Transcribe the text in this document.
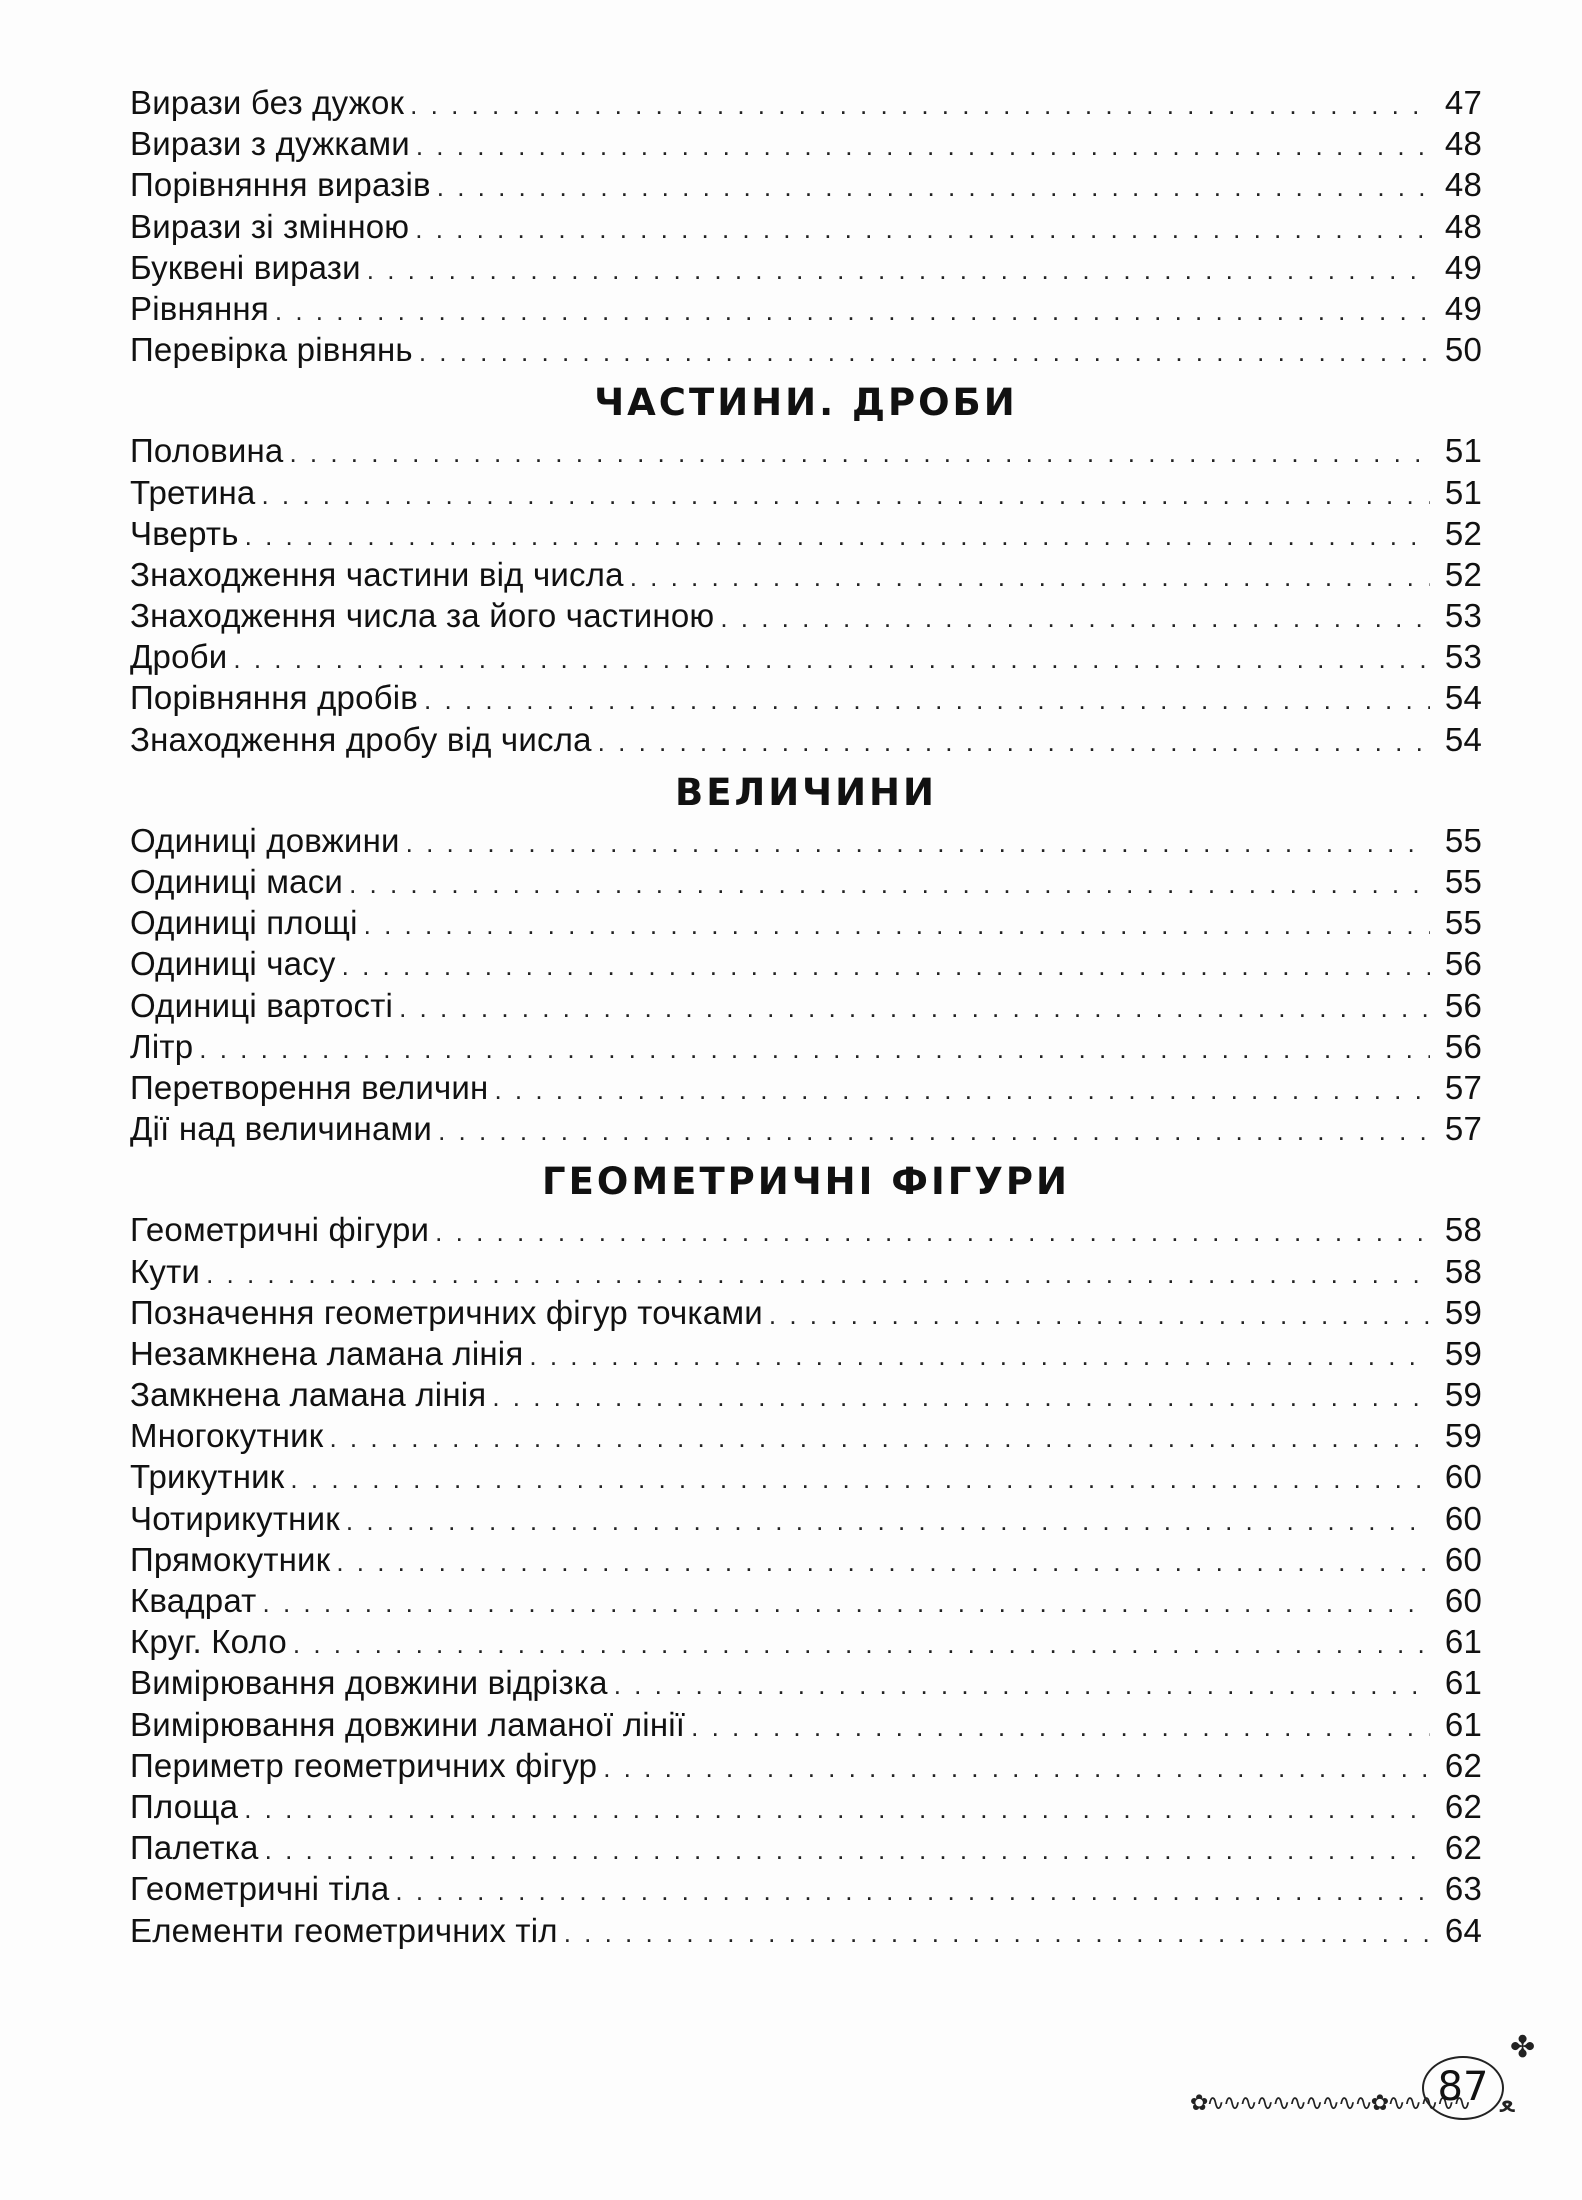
Вирази без дужок . . .	47
Вирази з дужками . . .	48
Порівняння виразів . . .	48
Вирази зі змінною . . .	48
Буквені вирази . . .	49
Рівняння . . .	49
Перевірка рівнянь . . .	50
ЧАСТИНИ. ДРОБИ
Половина . . .	51
Третина . . .	51
Чверть . . .	52
Знаходження частини від числа . . .	52
Знаходження числа за його частиною . . .	53
Дроби . . .	53
Порівняння дробів . . .	54
Знаходження дробу від числа . . .	54
ВЕЛИЧИНИ
Одиниці довжини . . .	55
Одиниці маси . . .	55
Одиниці площі . . .	55
Одиниці часу . . .	56
Одиниці вартості . . .	56
Літр . . .	56
Перетворення величин . . .	57
Дії над величинами . . .	57
ГЕОМЕТРИЧНІ ФІГУРИ
Геометричні фігури . . .	58
Кути . . .	58
Позначення геометричних фігур точками . . .	59
Незамкнена ламана лінія . . .	59
Замкнена ламана лінія . . .	59
Многокутник . . .	59
Трикутник . . .	60
Чотирикутник . . .	60
Прямокутник . . .	60
Квадрат . . .	60
Круг. Коло . . .	61
Вимірювання довжини відрізка . . .	61
Вимірювання довжини ламаної лінії . . .	61
Периметр геометричних фігур . . .	62
Площа . . .	62
Палетка . . .	62
Геометричні тіла . . .	63
Елементи геометричних тіл . . .	64
✿∿∿∿∿∿∿∿∿∿∿✿∿∿∿∿∿
87
✤
ﻌ
